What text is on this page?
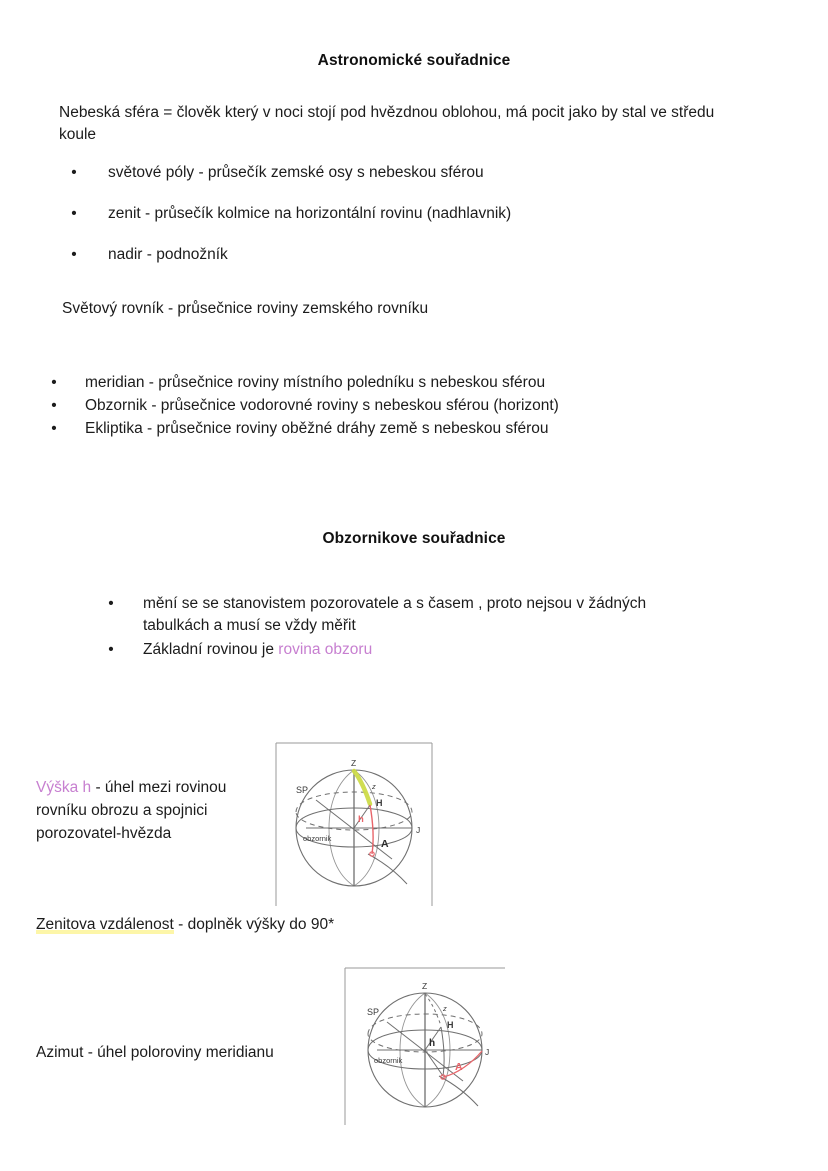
Astronomické souřadnice
Nebeská sféra = člověk který v noci stojí pod hvězdnou oblohou, má pocit jako by stal ve středu koule
• světové póly - průsečík zemské osy s nebeskou sférou
• zenit - průsečík kolmice na horizontální rovinu (nadhlavnik)
• nadir - podnožník
Světový rovník - průsečnice roviny zemského rovníku
• meridian - průsečnice roviny místního poledníku s nebeskou sférou
• Obzornik - průsečnice vodorovné roviny s nebeskou sférou (horizont)
• Ekliptika - průsečnice roviny oběžné dráhy země s nebeskou sférou
Obzornikove souřadnice
• mění se se stanovistem pozorovatele a s časem , proto nejsou v žádných tabulkách a musí se vždy měřit
• Základní rovinou je rovina obzoru
Výška h - úhel mezi rovinou rovníku obrozu a spojnici porozovatel-hvězda
Z
SP	z
H
h
obzornik
J
A
Zenitova vzdálenost - doplněk výšky do 90*
Azimut - úhel poloroviny meridianu
Z
SP	z
H
h
obzornik
J
A
